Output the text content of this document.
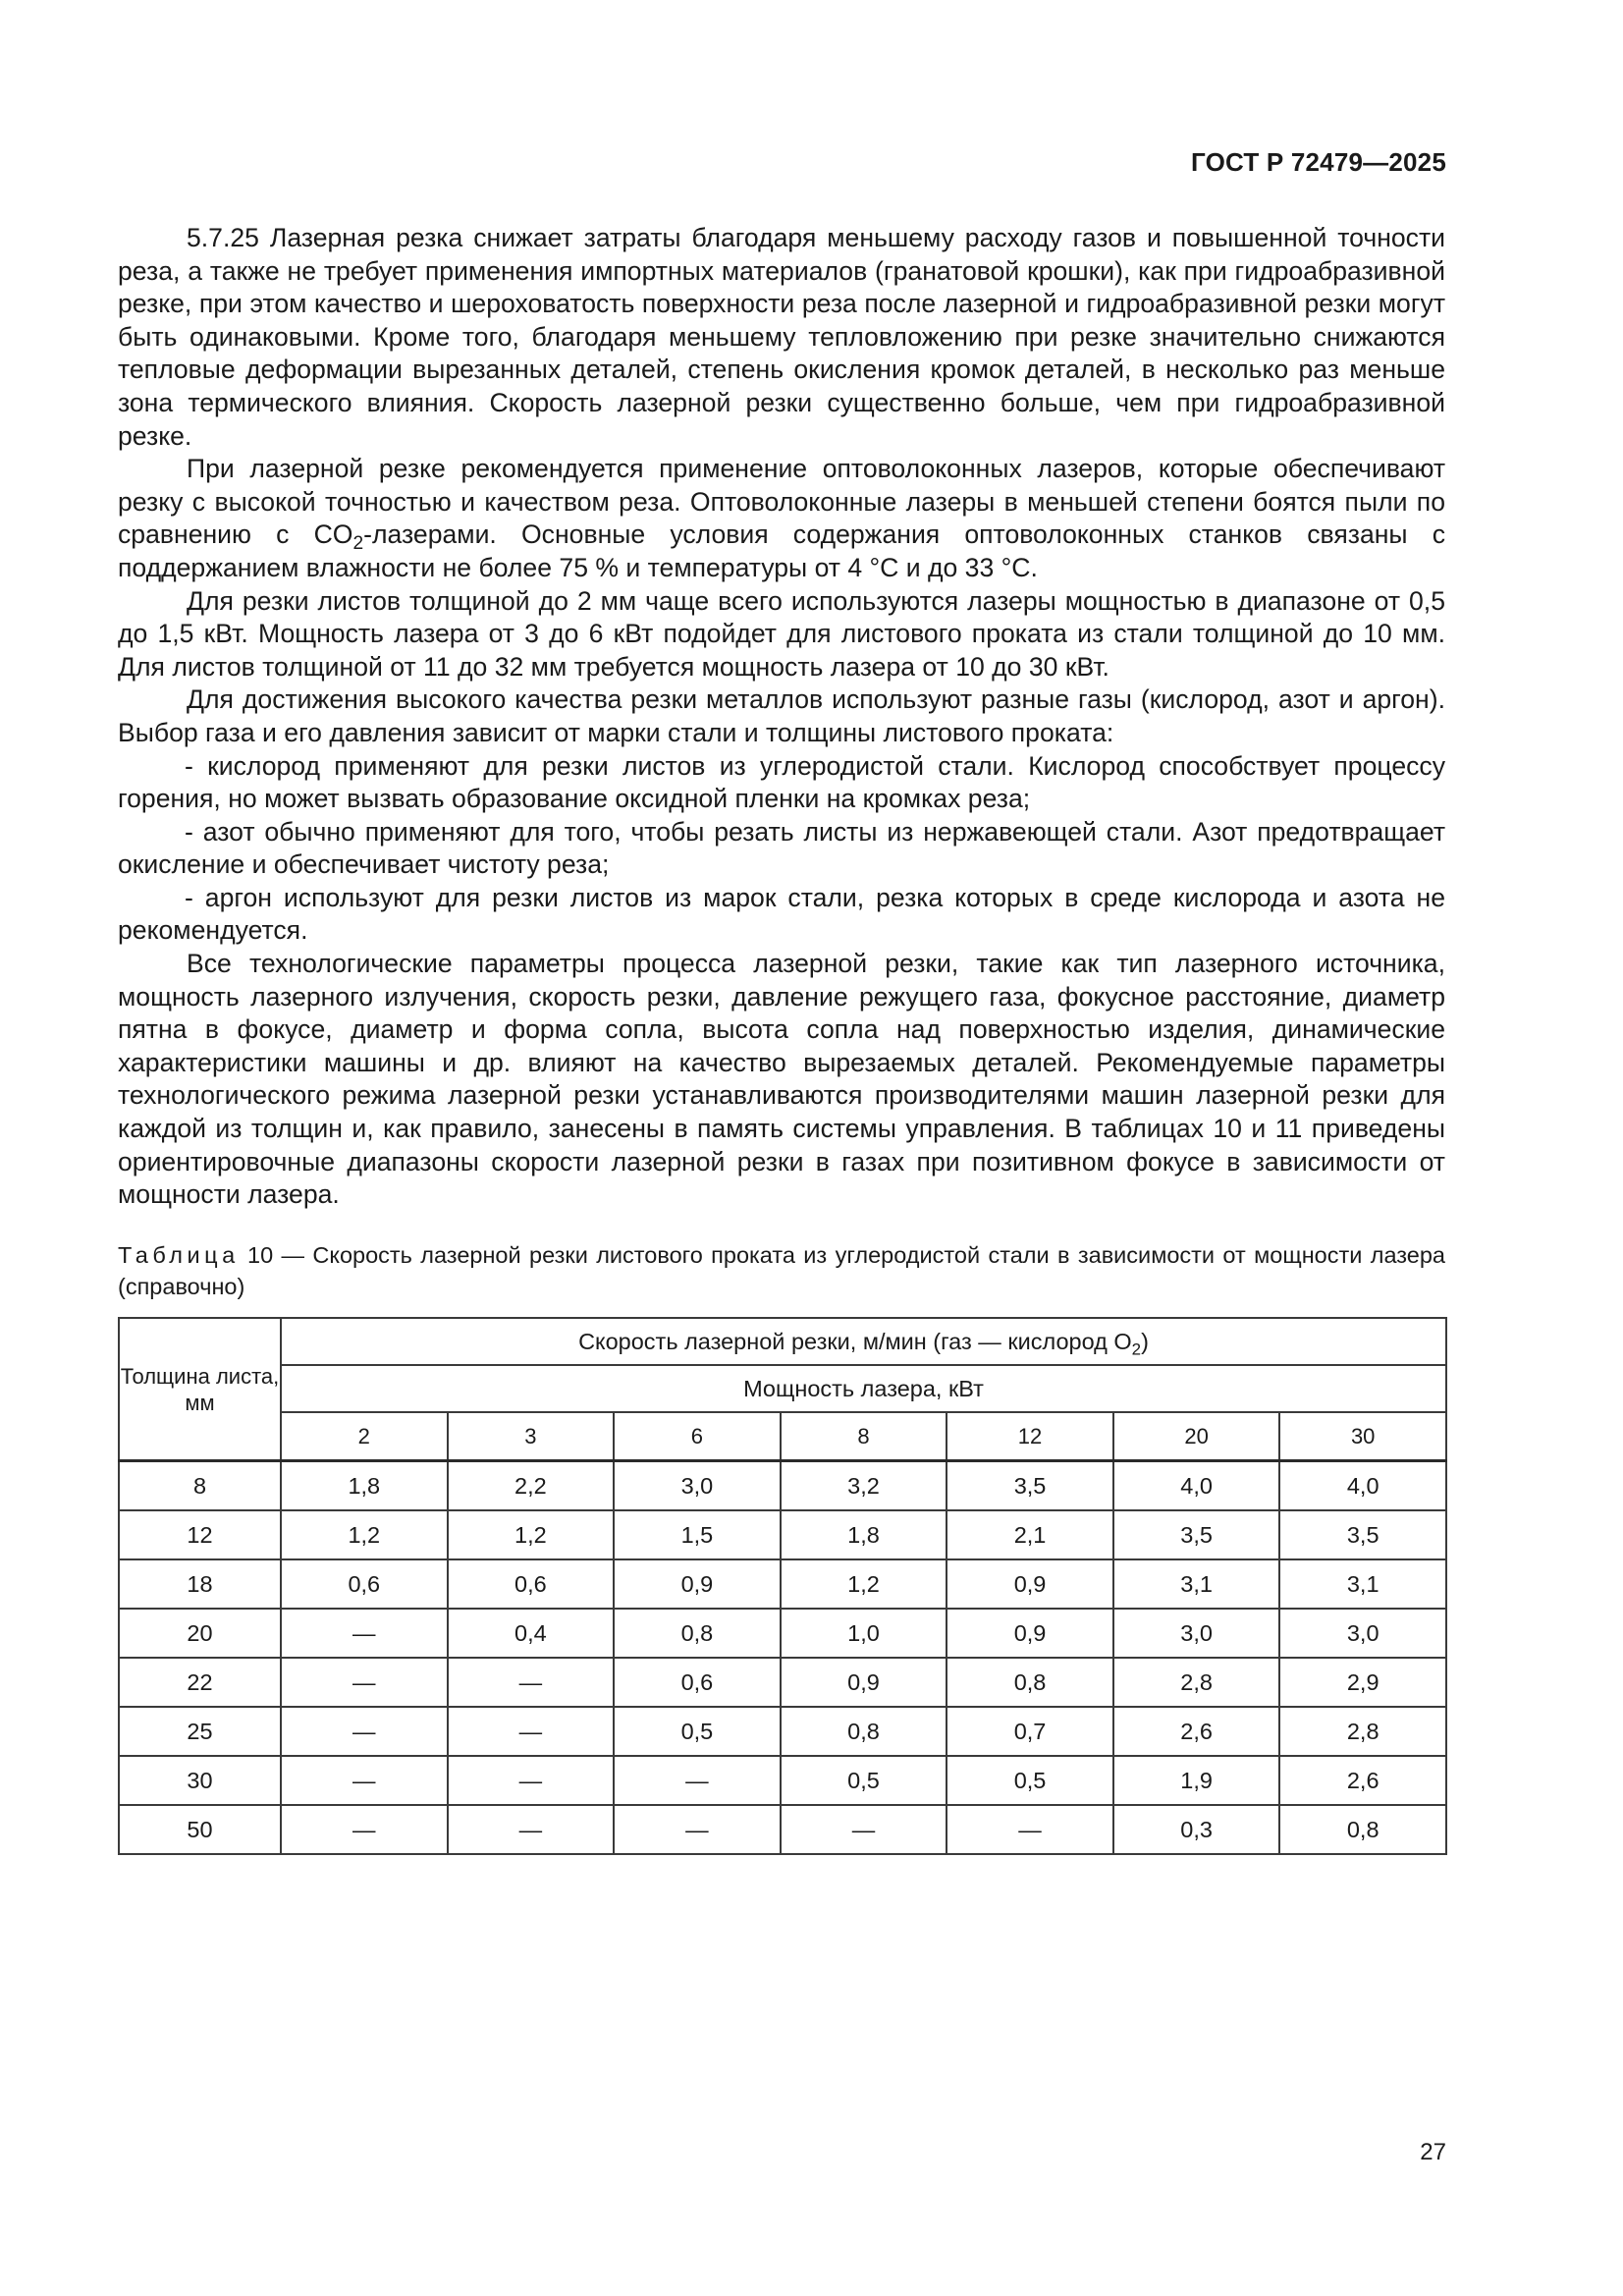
ГОСТ Р 72479—2025

5.7.25 Лазерная резка снижает затраты благодаря меньшему расходу газов и повышенной точности реза, а также не требует применения импортных материалов (гранатовой крошки), как при гидроабразивной резке, при этом качество и шероховатость поверхности реза после лазерной и гидроабразивной резки могут быть одинаковыми. Кроме того, благодаря меньшему тепловложению при резке значительно снижаются тепловые деформации вырезанных деталей, степень окисления кромок деталей, в несколько раз меньше зона термического влияния. Скорость лазерной резки существенно больше, чем при гидроабразивной резке.

При лазерной резке рекомендуется применение оптоволоконных лазеров, которые обеспечивают резку с высокой точностью и качеством реза. Оптоволоконные лазеры в меньшей степени боятся пыли по сравнению с $CO_2$-лазерами. Основные условия содержания оптоволоконных станков связаны с поддержанием влажности не более 75 % и температуры от 4 °С и до 33 °С.

Для резки листов толщиной до 2 мм чаще всего используются лазеры мощностью в диапазоне от 0,5 до 1,5 кВт. Мощность лазера от 3 до 6 кВт подойдет для листового проката из стали толщиной до 10 мм. Для листов толщиной от 11 до 32 мм требуется мощность лазера от 10 до 30 кВт.

Для достижения высокого качества резки металлов используют разные газы (кислород, азот и аргон). Выбор газа и его давления зависит от марки стали и толщины листового проката:

- кислород применяют для резки листов из углеродистой стали. Кислород способствует процессу горения, но может вызвать образование оксидной пленки на кромках реза;

- азот обычно применяют для того, чтобы резать листы из нержавеющей стали. Азот предотвращает окисление и обеспечивает чистоту реза;

- аргон используют для резки листов из марок стали, резка которых в среде кислорода и азота не рекомендуется.

Все технологические параметры процесса лазерной резки, такие как тип лазерного источника, мощность лазерного излучения, скорость резки, давление режущего газа, фокусное расстояние, диаметр пятна в фокусе, диаметр и форма сопла, высота сопла над поверхностью изделия, динамические характеристики машины и др. влияют на качество вырезаемых деталей. Рекомендуемые параметры технологического режима лазерной резки устанавливаются производителями машин лазерной резки для каждой из толщин и, как правило, занесены в память системы управления. В таблицах 10 и 11 приведены ориентировочные диапазоны скорости лазерной резки в газах при позитивном фокусе в зависимости от мощности лазера.

Таблица 10 — Скорость лазерной резки листового проката из углеродистой стали в зависимости от мощности лазера (справочно)
Толщина листа, мм	Скорость лазерной резки, м/мин (газ — кислород $O_2$)						
	Мощность лазера, кВт						
	2	3	6	8	12	20	30
8	1,8	2,2	3,0	3,2	3,5	4,0	4,0
12	1,2	1,2	1,5	1,8	2,1	3,5	3,5
18	0,6	0,6	0,9	1,2	0,9	3,1	3,1
20	—	0,4	0,8	1,0	0,9	3,0	3,0
22	—	—	0,6	0,9	0,8	2,8	2,9
25	—	—	0,5	0,8	0,7	2,6	2,8
30	—	—	—	0,5	0,5	1,9	2,6
50	—	—	—	—	—	0,3	0,8
27
